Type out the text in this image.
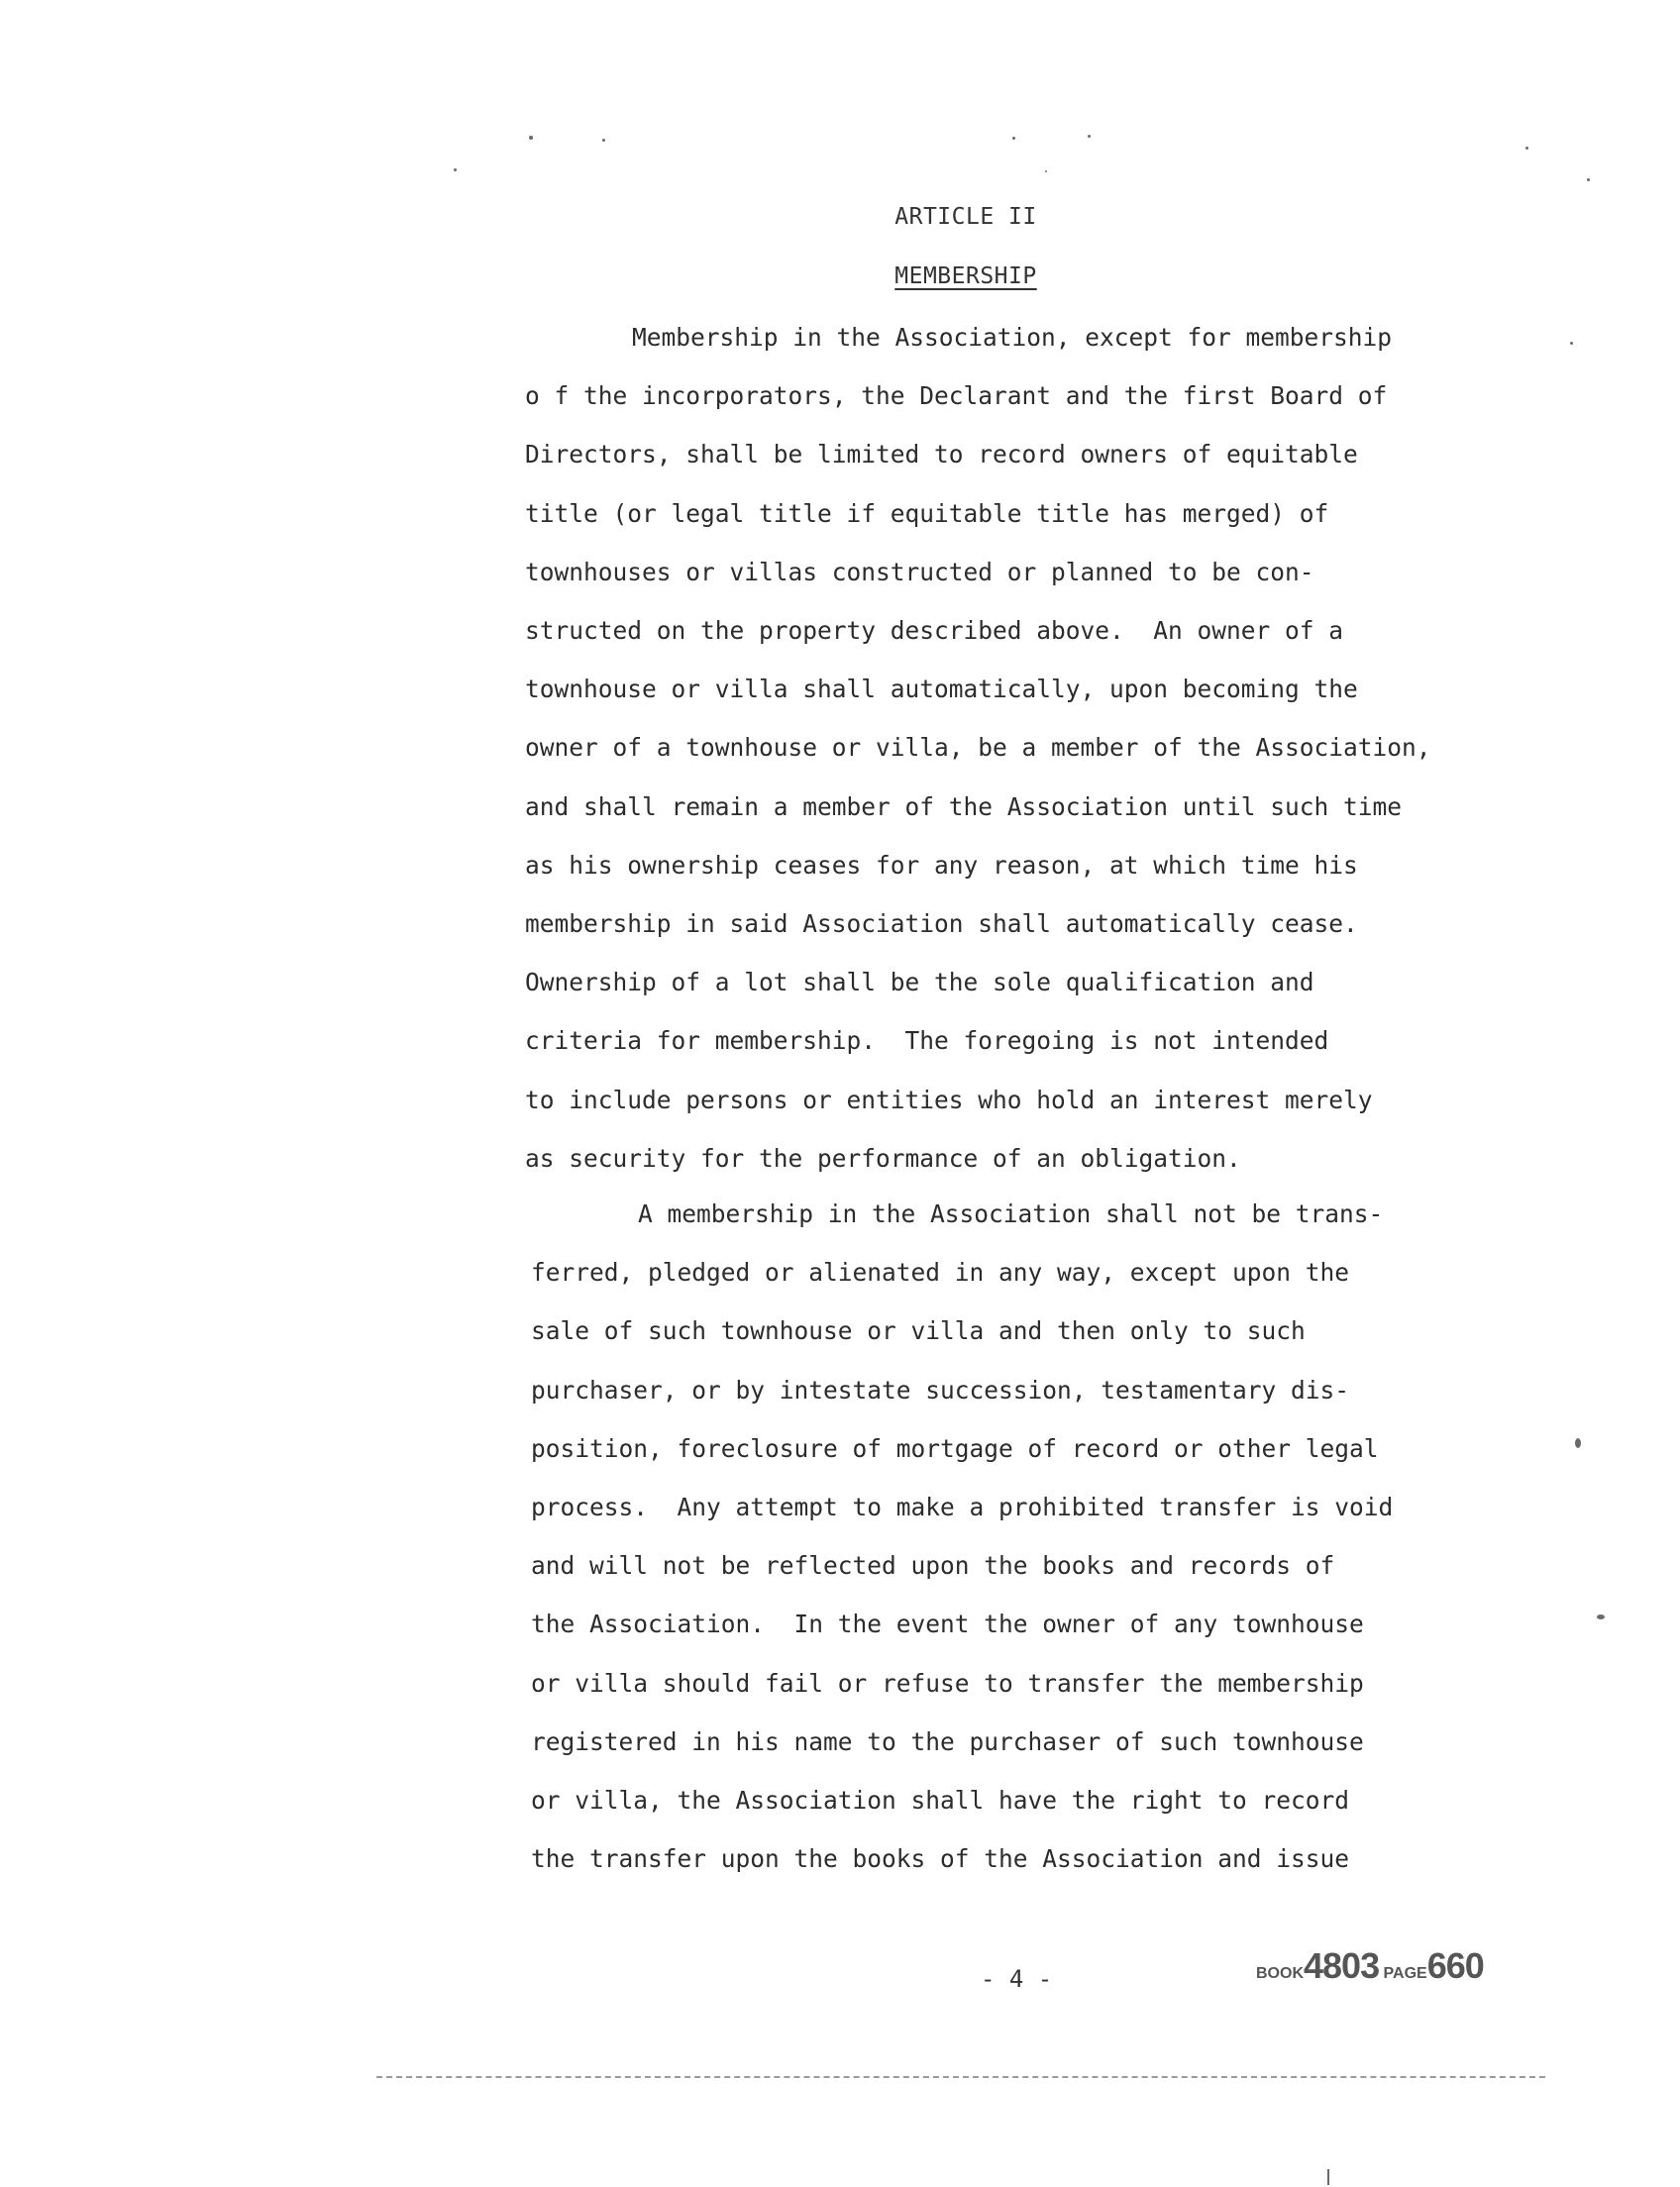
ARTICLE II
MEMBERSHIP
Membership in the Association, except for membership
o f the incorporators, the Declarant and the first Board of
Directors, shall be limited to record owners of equitable
title (or legal title if equitable title has merged) of
townhouses or villas constructed or planned to be con-
structed on the property described above.  An owner of a
townhouse or villa shall automatically, upon becoming the
owner of a townhouse or villa, be a member of the Association,
and shall remain a member of the Association until such time
as his ownership ceases for any reason, at which time his
membership in said Association shall automatically cease.
Ownership of a lot shall be the sole qualification and
criteria for membership.  The foregoing is not intended
to include persons or entities who hold an interest merely
as security for the performance of an obligation.
A membership in the Association shall not be trans-
ferred, pledged or alienated in any way, except upon the
sale of such townhouse or villa and then only to such
purchaser, or by intestate succession, testamentary dis-
position, foreclosure of mortgage of record or other legal
process.  Any attempt to make a prohibited transfer is void
and will not be reflected upon the books and records of
the Association.  In the event the owner of any townhouse
or villa should fail or refuse to transfer the membership
registered in his name to the purchaser of such townhouse
or villa, the Association shall have the right to record
the transfer upon the books of the Association and issue
- 4 -	BOOK4803 PAGE660
